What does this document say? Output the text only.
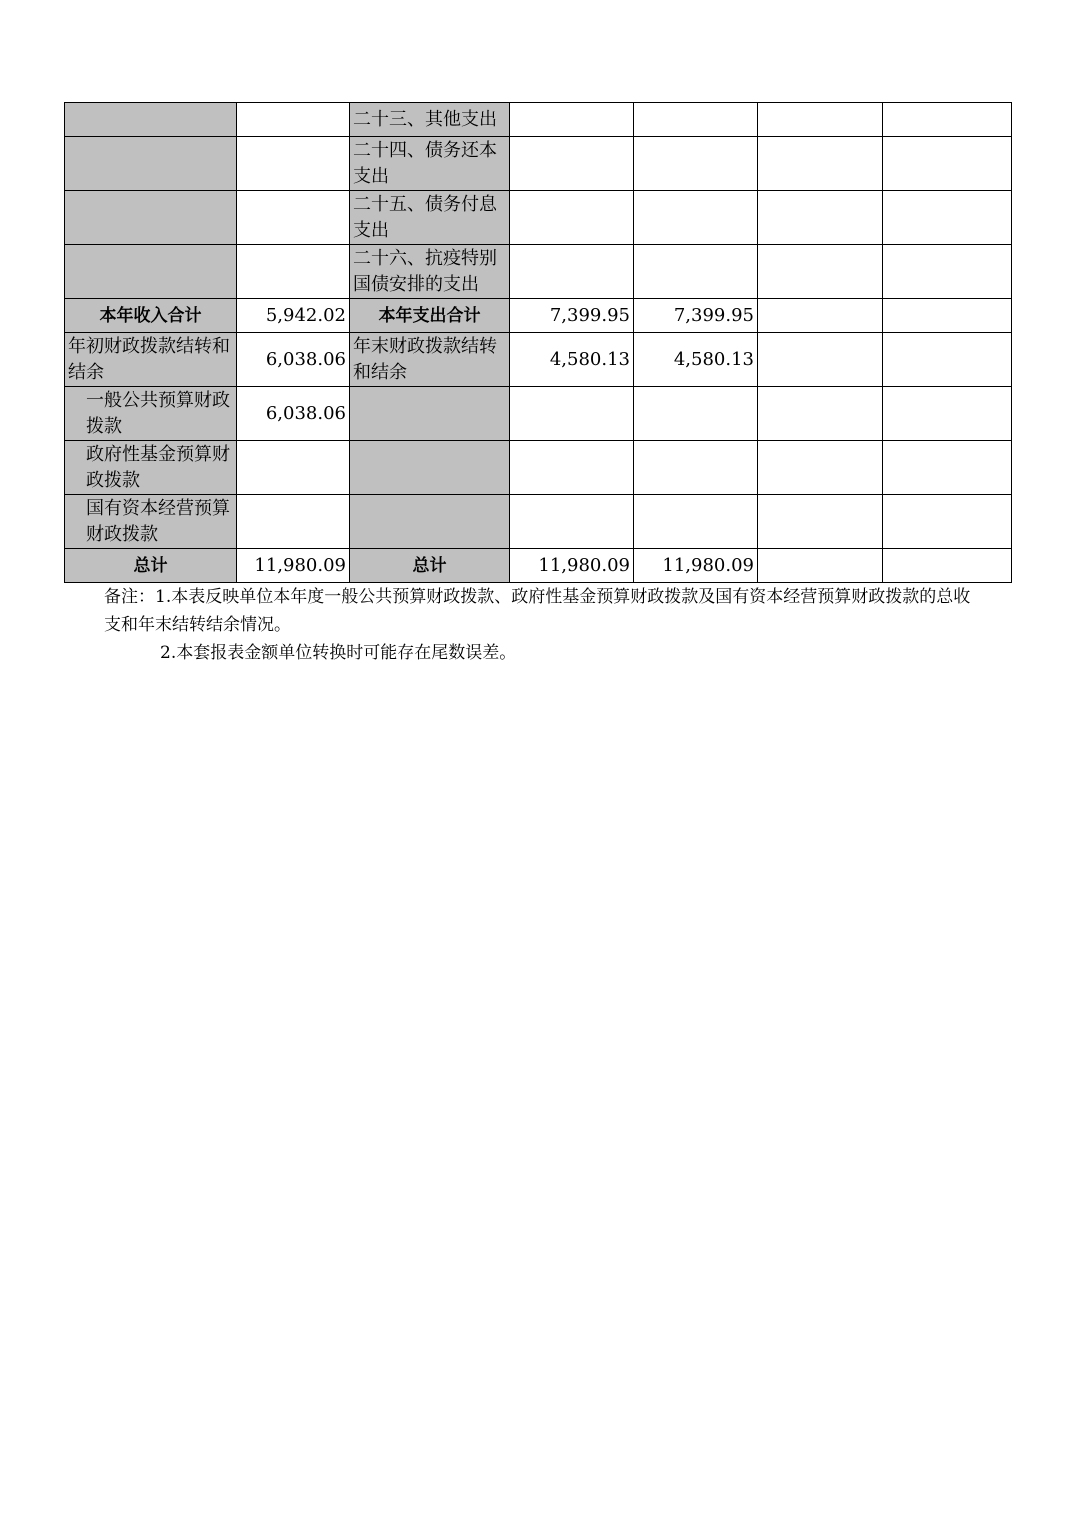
		二十三、其他支出				
		二十四、债务还本支出				
		二十五、债务付息支出				
		二十六、抗疫特别国债安排的支出				
本年收入合计	5,942.02	本年支出合计	7,399.95	7,399.95		
年初财政拨款结转和结余	6,038.06	年末财政拨款结转和结余	4,580.13	4,580.13		

一般公共预算财政拨款	6,038.06					

政府性基金预算财政拨款						

国有资本经营预算财政拨款						

总计	11,980.09	总计	11,980.09	11,980.09		

备注：1.本表反映单位本年度一般公共预算财政拨款、政府性基金预算财政拨款及国有资本经营预算财政拨款的总收支和年末结转结余情况。

2.本套报表金额单位转换时可能存在尾数误差。
